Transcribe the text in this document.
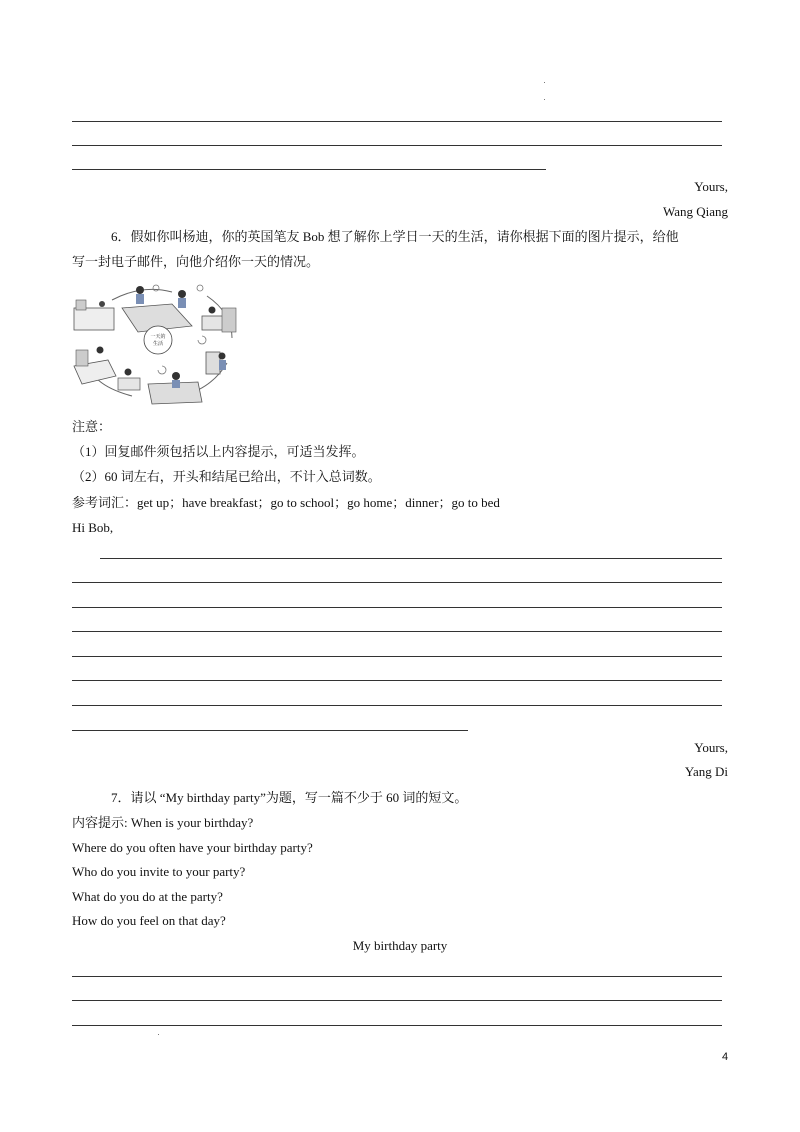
Yours,
Wang Qiang
6．假如你叫杨迪，你的英国笔友 Bob 想了解你上学日一天的生活，请你根据下面的图片提示，给他
写一封电子邮件，向他介绍你一天的情况。
一天的
生活
注意：
（1）回复邮件须包括以上内容提示，可适当发挥。
（2）60 词左右，开头和结尾已给出，不计入总词数。
参考词汇：get up；have breakfast；go to school；go home；dinner；go to bed
Hi Bob,
Yours,
Yang Di
7．请以 “My birthday party”为题，写一篇不少于 60 词的短文。
内容提示: When is your birthday?
Where do you often have your birthday party?
Who do you invite to your party?
What do you do at the party?
How do you feel on that day?
My birthday party
4
